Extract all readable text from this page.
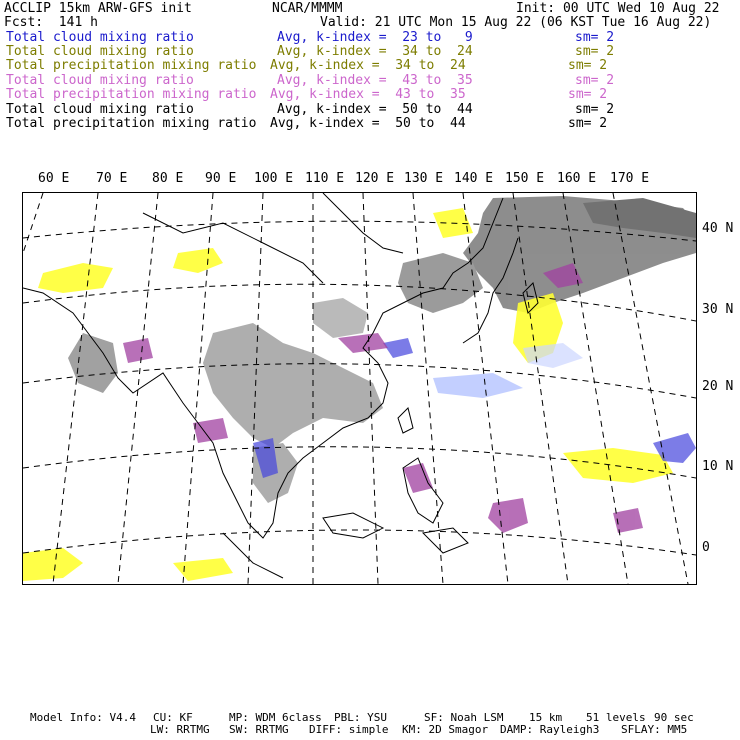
ACCLIP 15km ARW-GFS init	NCAR/MMMM	Init: 00 UTC Wed 10 Aug 22
Fcst:  141 h	Valid: 21 UTC Mon 15 Aug 22 (06 KST Tue 16 Aug 22)
Total cloud mixing ratio	Avg, k-index =  23 to   9	sm= 2
Total cloud mixing ratio	Avg, k-index =  34 to  24	sm= 2
Total precipitation mixing ratio Avg, k-index =  34 to  24	sm= 2
Total cloud mixing ratio	Avg, k-index =  43 to  35	sm= 2
Total precipitation mixing ratio Avg, k-index =  43 to  35	sm= 2
Total cloud mixing ratio	Avg, k-index =  50 to  44	sm= 2
Total precipitation mixing ratio Avg, k-index =  50 to  44	sm= 2
60 E 70 E 80 E 90 E 100 E 110 E 120 E 130 E 140 E 150 E 160 E 170 E
40 N
30 N
20 N
10 N
0
Model Info: V4.4 CU: KF	MP: WDM 6class PBL: YSU	SF: Noah LSM 15 km 51 levels 90 sec
LW: RRTMG SW: RRTMG DIFF: simple KM: 2D Smagor DAMP: Rayleigh3 SFLAY: MM5
